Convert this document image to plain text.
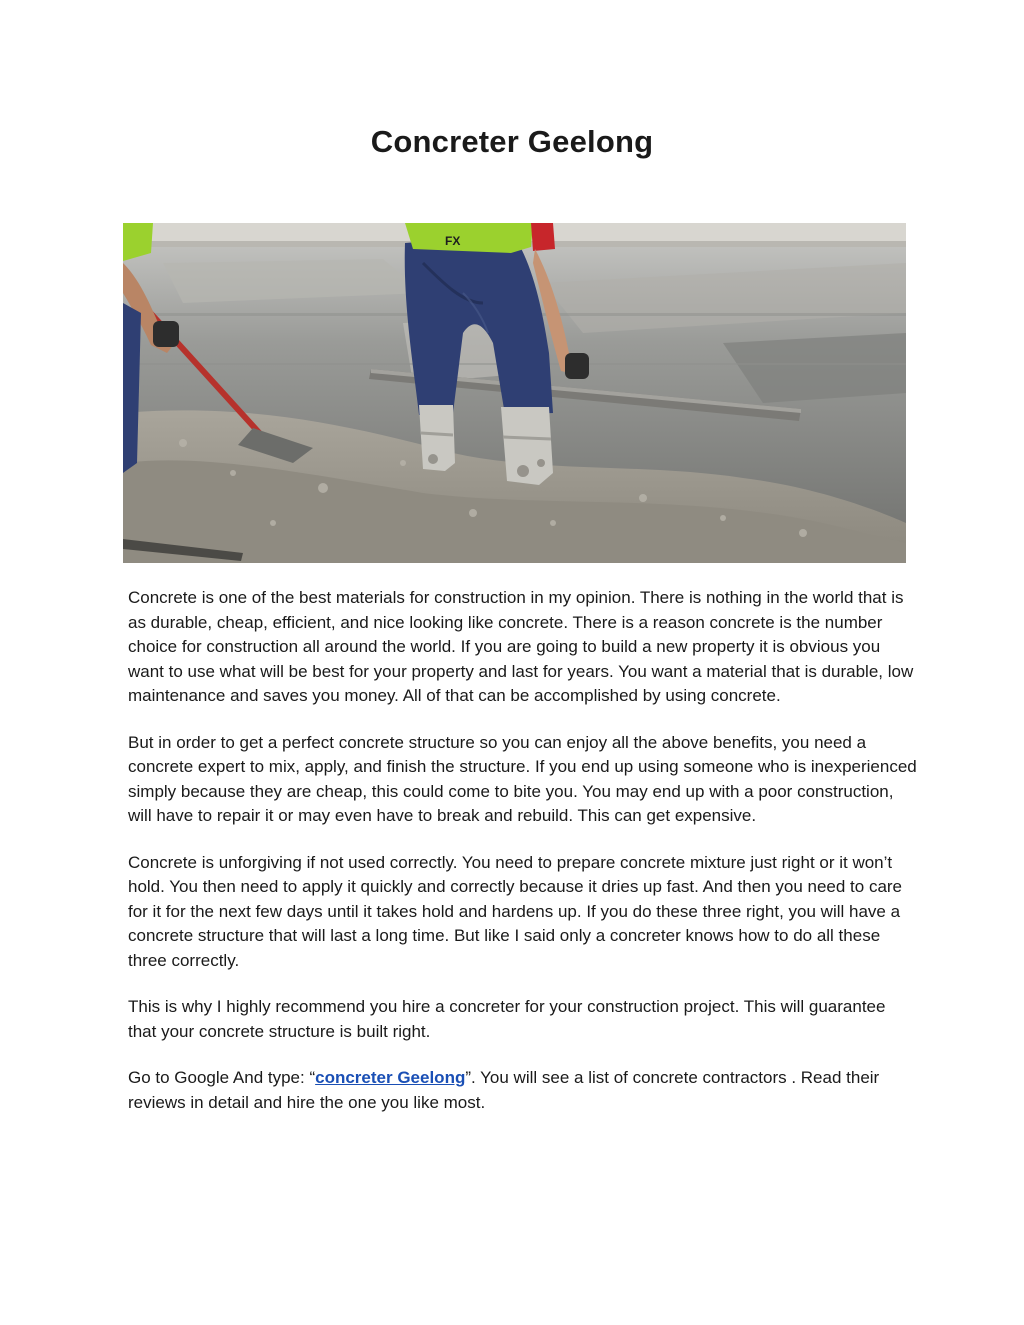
Concreter Geelong
FX

Concrete is one of the best materials for construction in my opinion. There is nothing in the world that is as durable, cheap, efficient, and nice looking like concrete. There is a reason concrete is the number choice for construction all around the world. If you are going to build a new property it is obvious you want to use what will be best for your property and last for years. You want a material that is durable, low maintenance and saves you money. All of that can be accomplished by using concrete.

But in order to get a perfect concrete structure so you can enjoy all the above benefits, you need a concrete expert to mix, apply, and finish the structure. If you end up using someone who is inexperienced simply because they are cheap, this could come to bite you. You may end up with a poor construction, will have to repair it or may even have to break and rebuild. This can get expensive.

Concrete is unforgiving if not used correctly. You need to prepare concrete mixture just right or it won’t hold. You then need to apply it quickly and correctly because it dries up fast. And then you need to care for it for the next few days until it takes hold and hardens up. If you do these three right, you will have a concrete structure that will last a long time. But like I said only a concreter knows how to do all these three correctly.

This is why I highly recommend you hire a concreter for your construction project. This will guarantee that your concrete structure is built right.

Go to Google And type: “concreter Geelong”. You will see a list of concrete contractors . Read their reviews in detail and hire the one you like most.
